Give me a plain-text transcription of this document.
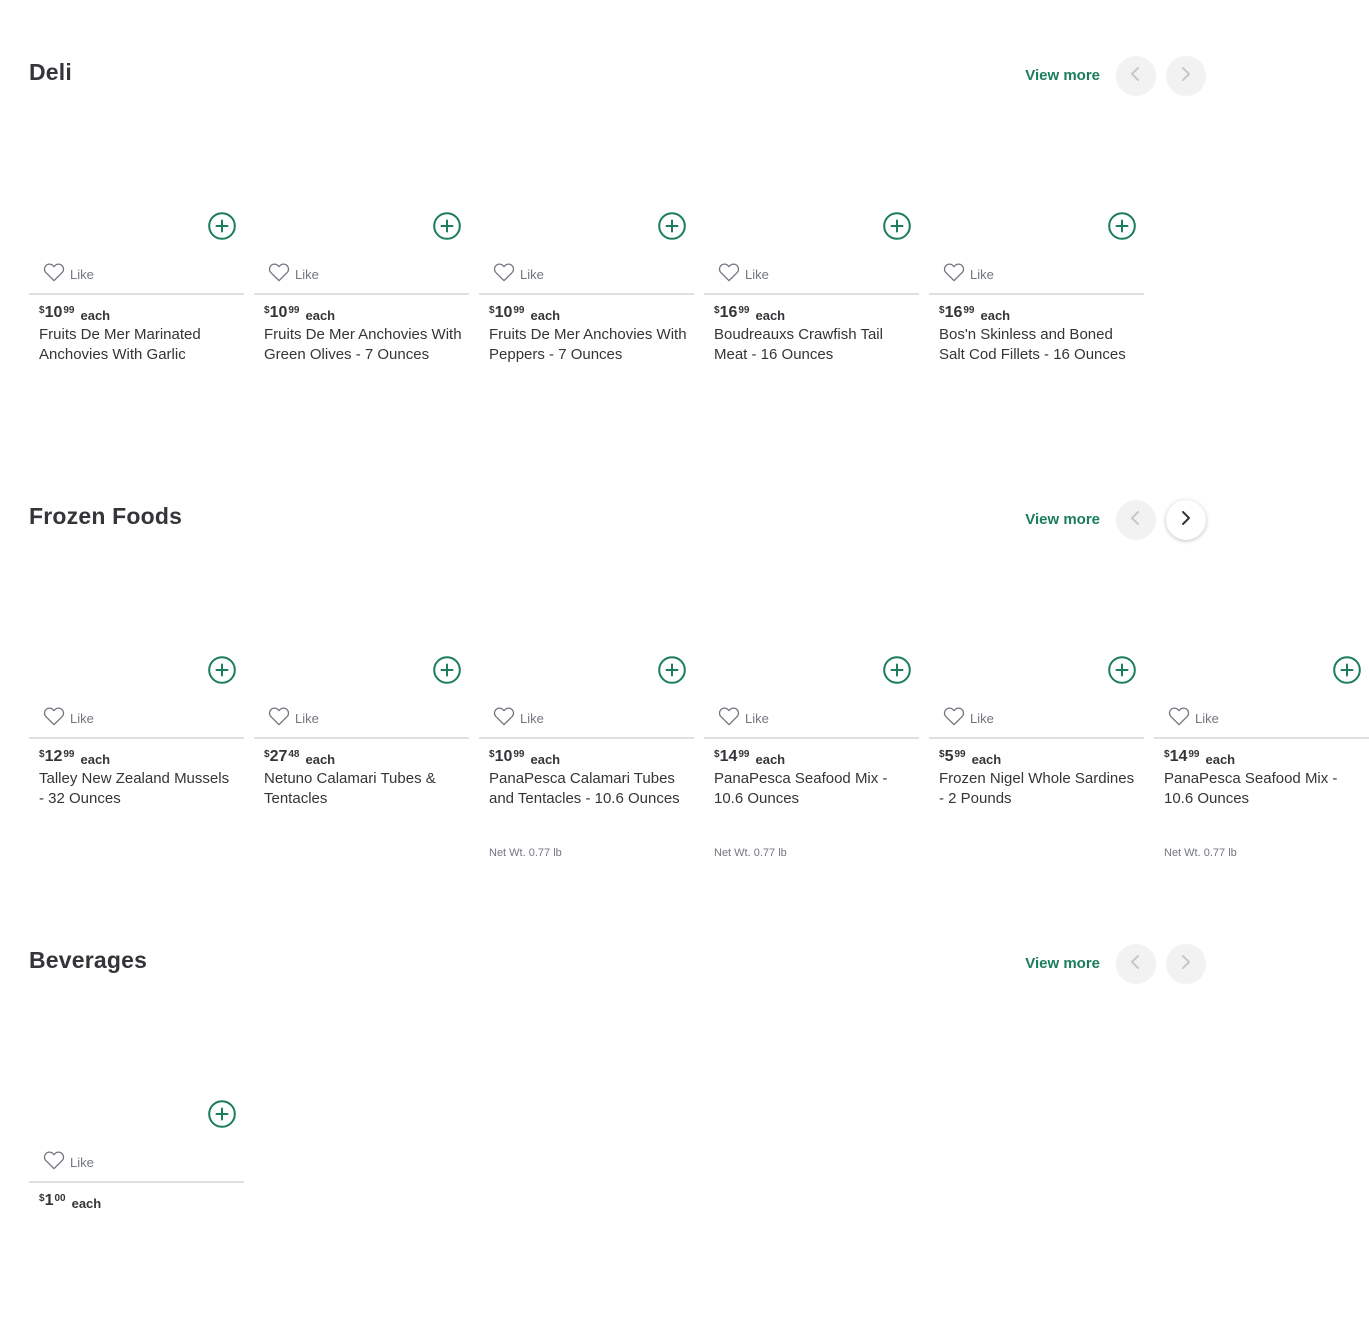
Deli	View more
Like
$ 10 99 each
Fruits De Mer Marinated Anchovies With Garlic
Like
$ 10 99 each
Fruits De Mer Anchovies With Green Olives - 7 Ounces
Like
$ 10 99 each
Fruits De Mer Anchovies With Peppers - 7 Ounces
Like
$ 16 99 each
Boudreauxs Crawfish Tail Meat - 16 Ounces
Like
$ 16 99 each
Bos'n Skinless and Boned Salt Cod Fillets - 16 Ounces
Frozen Foods	View more
Like
$ 12 99 each
Talley New Zealand Mussels - 32 Ounces
Like
$ 27 48 each
Netuno Calamari Tubes & Tentacles
Like
$ 10 99 each
PanaPesca Calamari Tubes and Tentacles - 10.6 Ounces
Net Wt. 0.77 lb
Like
$ 14 99 each
PanaPesca Seafood Mix - 10.6 Ounces
Net Wt. 0.77 lb
Like
$ 5 99 each
Frozen Nigel Whole Sardines - 2 Pounds
Like
$ 14 99 each
PanaPesca Seafood Mix - 10.6 Ounces
Net Wt. 0.77 lb
Beverages	View more
Like
$ 1 00 each
